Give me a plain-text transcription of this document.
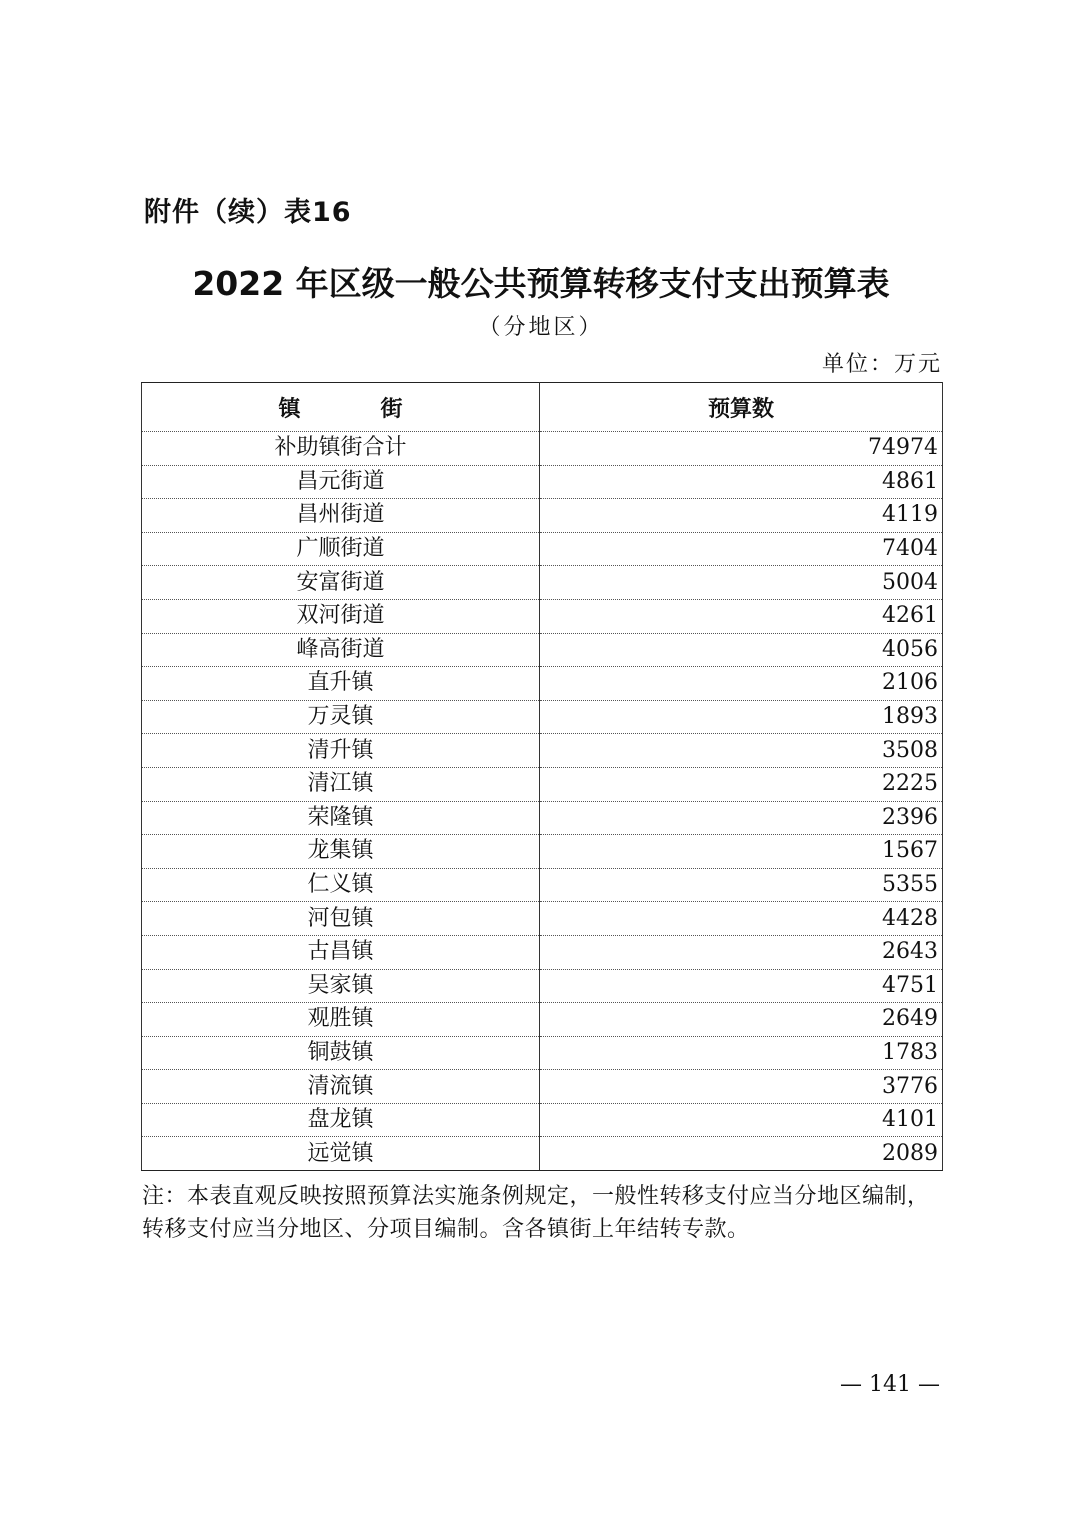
附件（续）表16
2022 年区级一般公共预算转移支付支出预算表
（分地区）
单位：万元
镇 街	预算数
补助镇街合计	74974
昌元街道	4861
昌州街道	4119
广顺街道	7404
安富街道	5004
双河街道	4261
峰高街道	4056
直升镇	2106
万灵镇	1893
清升镇	3508
清江镇	2225
荣隆镇	2396
龙集镇	1567
仁义镇	5355
河包镇	4428
古昌镇	2643
吴家镇	4751
观胜镇	2649
铜鼓镇	1783
清流镇	3776
盘龙镇	4101
远觉镇	2089
注：本表直观反映按照预算法实施条例规定，一般性转移支付应当分地区编制，转移支付应当分地区、分项目编制。含各镇街上年结转专款。
— 141 —
